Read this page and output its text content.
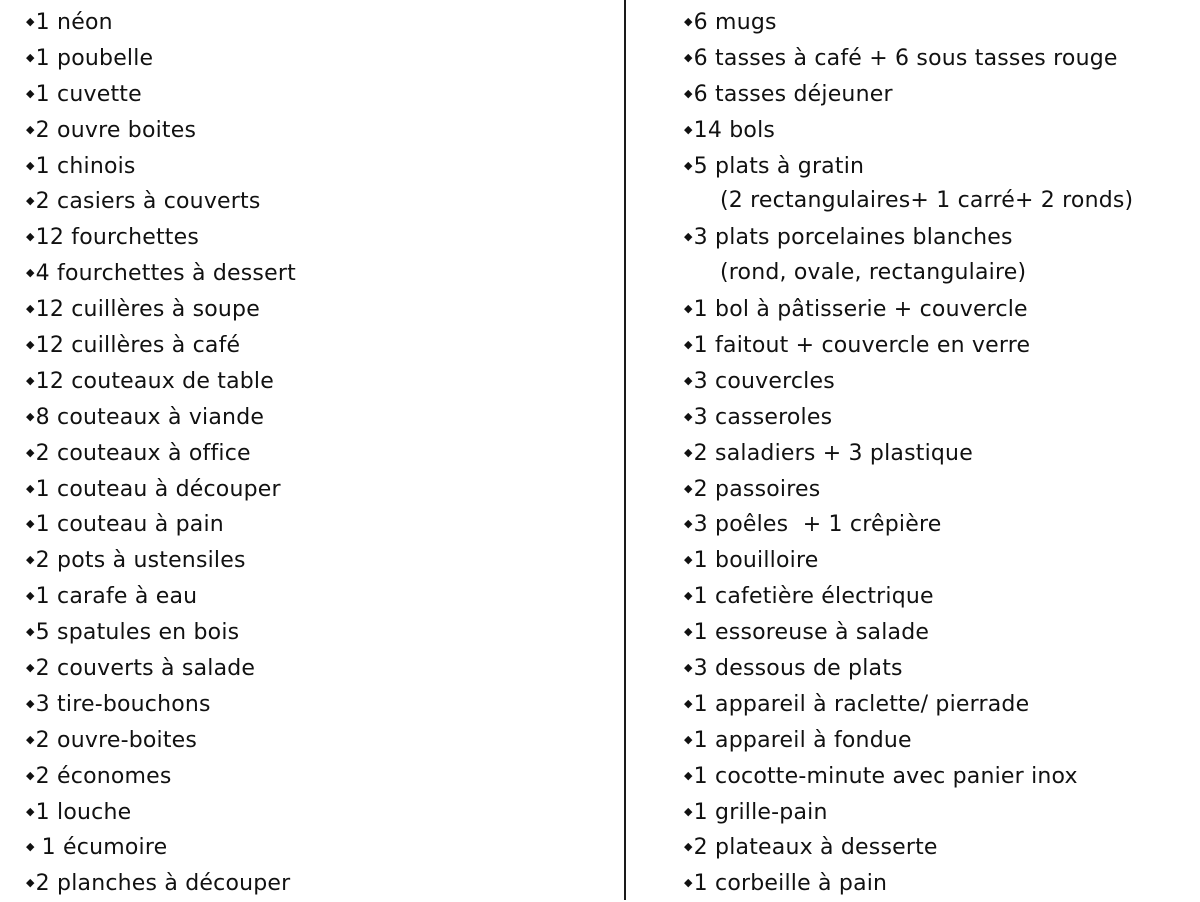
◆1 néon
◆1 poubelle
◆1 cuvette
◆2 ouvre boites
◆1 chinois
◆2 casiers à couverts
◆12 fourchettes
◆4 fourchettes à dessert
◆12 cuillères à soupe
◆12 cuillères à café
◆12 couteaux de table
◆8 couteaux à viande
◆2 couteaux à office
◆1 couteau à découper
◆1 couteau à pain
◆2 pots à ustensiles
◆1 carafe à eau
◆5 spatules en bois
◆2 couverts à salade
◆3 tire-bouchons
◆2 ouvre-boites
◆2 économes
◆1 louche
◆ 1 écumoire
◆2 planches à découper
◆6 mugs
◆6 tasses à café + 6 sous tasses rouge
◆6 tasses déjeuner
◆14 bols
◆5 plats à gratin
(2 rectangulaires+ 1 carré+ 2 ronds)
◆3 plats porcelaines blanches
(rond, ovale, rectangulaire)
◆1 bol à pâtisserie + couvercle
◆1 faitout + couvercle en verre
◆3 couvercles
◆3 casseroles
◆2 saladiers + 3 plastique
◆2 passoires
◆3 poêles  + 1 crêpière
◆1 bouilloire
◆1 cafetière électrique
◆1 essoreuse à salade
◆3 dessous de plats
◆1 appareil à raclette/ pierrade
◆1 appareil à fondue
◆1 cocotte-minute avec panier inox
◆1 grille-pain
◆2 plateaux à desserte
◆1 corbeille à pain
